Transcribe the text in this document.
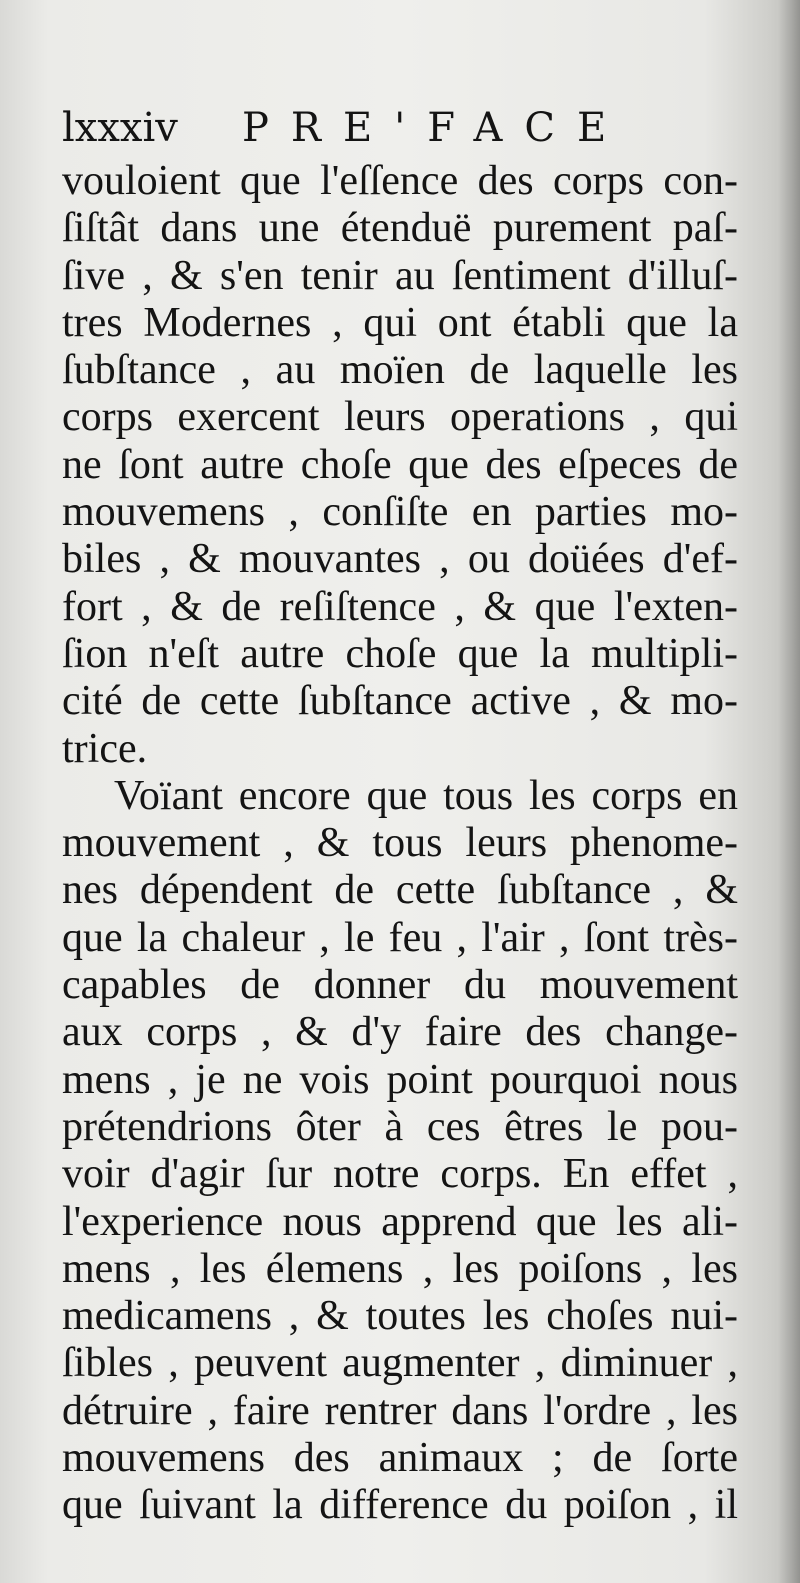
lxxxiv PRE'FACE
vouloient que l'eſſence des corps con-
ſiſtât dans une étenduë purement paſ-
ſive , & s'en tenir au ſentiment d'illuſ-
tres Modernes , qui ont établi que la
ſubſtance , au moïen de laquelle les
corps exercent leurs operations , qui
ne ſont autre choſe que des eſpeces de
mouvemens , conſiſte en parties mo-
biles , & mouvantes , ou doüées d'ef-
fort , & de reſiſtence , & que l'exten-
ſion n'eſt autre choſe que la multipli-
cité de cette ſubſtance active , & mo-
trice.
Voïant encore que tous les corps en
mouvement , & tous leurs phenome-
nes dépendent de cette ſubſtance , &
que la chaleur , le feu , l'air , ſont très-
capables de donner du mouvement
aux corps , & d'y faire des change-
mens , je ne vois point pourquoi nous
prétendrions ôter à ces êtres le pou-
voir d'agir ſur notre corps. En effet ,
l'experience nous apprend que les ali-
mens , les élemens , les poiſons , les
medicamens , & toutes les choſes nui-
ſibles , peuvent augmenter , diminuer ,
détruire , faire rentrer dans l'ordre , les
mouvemens des animaux ; de ſorte
que ſuivant la difference du poiſon , il
